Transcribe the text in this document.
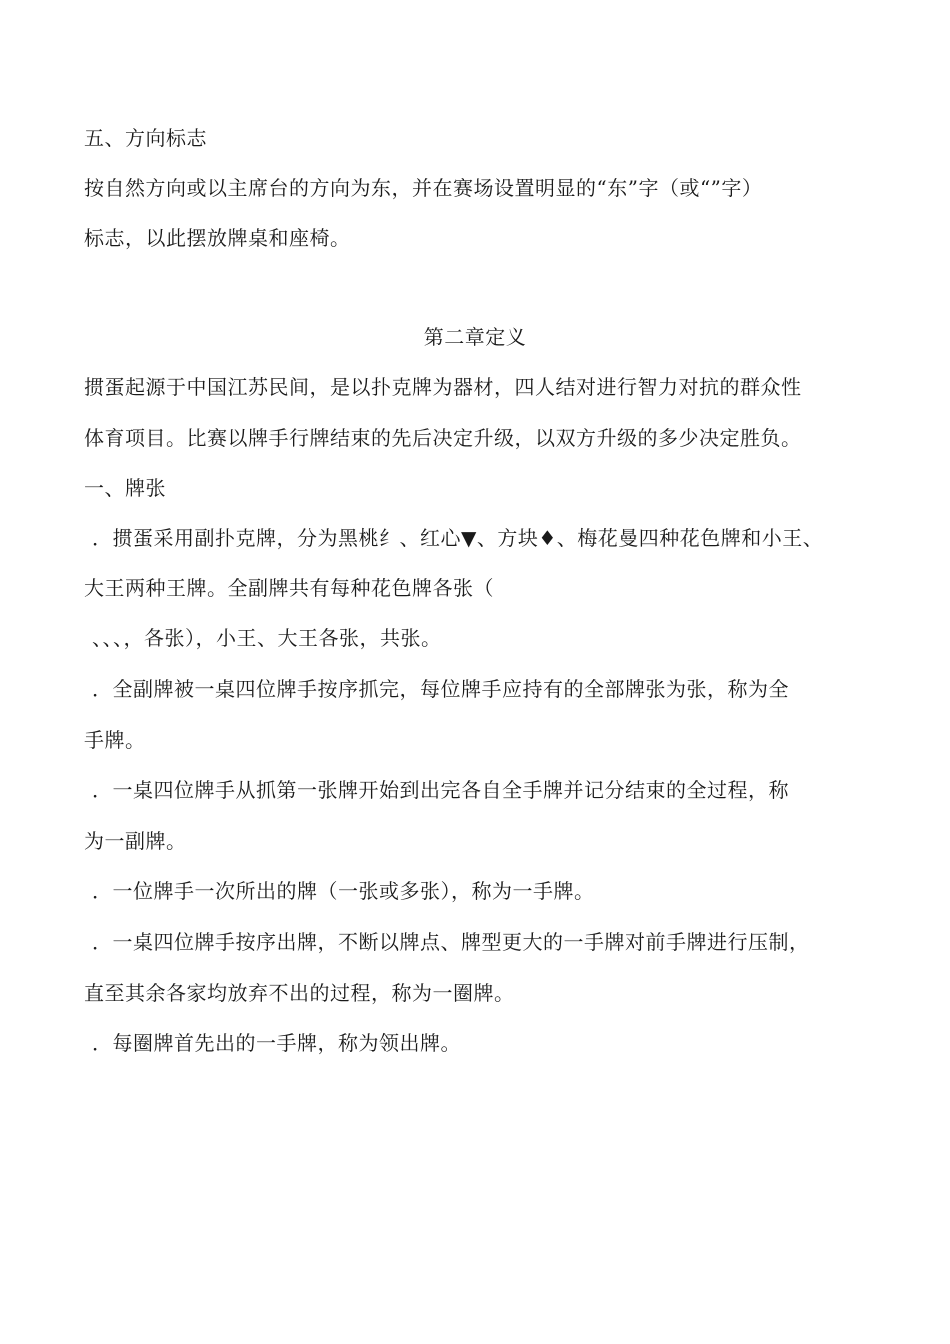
五、方向标志
按自然方向或以主席台的方向为东，并在赛场设置明显的“东”字（或“”字）
标志，以此摆放牌桌和座椅。
第二章定义
掼蛋起源于中国江苏民间，是以扑克牌为器材，四人结对进行智力对抗的群众性
体育项目。比赛以牌手行牌结束的先后决定升级，以双方升级的多少决定胜负。
一、牌张
．掼蛋采用副扑克牌，分为黑桃纟、红心▼、方块♦、梅花曼四种花色牌和小王、
大王两种王牌。全副牌共有每种花色牌各张（
、、、，各张），小王、大王各张，共张。
．全副牌被一桌四位牌手按序抓完，每位牌手应持有的全部牌张为张，称为全
手牌。
．一桌四位牌手从抓第一张牌开始到出完各自全手牌并记分结束的全过程，称
为一副牌。
．一位牌手一次所出的牌（一张或多张），称为一手牌。
．一桌四位牌手按序出牌，不断以牌点、牌型更大的一手牌对前手牌进行压制，
直至其余各家均放弃不出的过程，称为一圈牌。
．每圈牌首先出的一手牌，称为领出牌。
